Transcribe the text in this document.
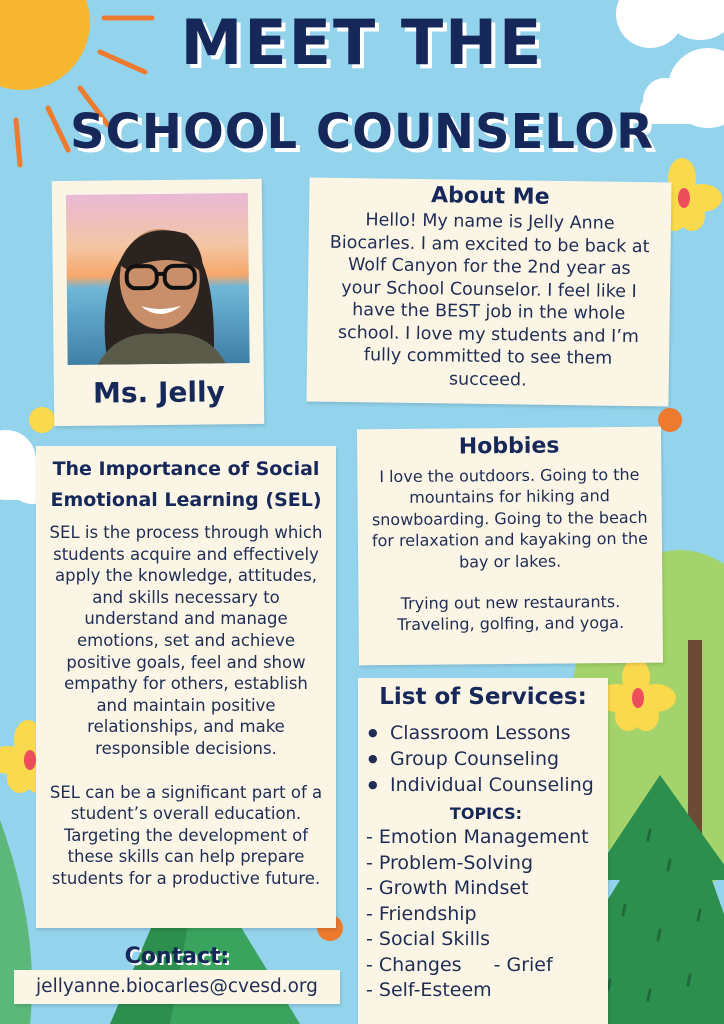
MEET THE
SCHOOL COUNSELOR
Ms. Jelly
About Me
Hello! My name is Jelly Anne Biocarles. I am excited to be back at Wolf Canyon for the 2nd year as your School Counselor. I feel like I have the BEST job in the whole school. I love my students and I’m fully committed to see them succeed.
The Importance of Social Emotional Learning (SEL)
SEL is the process through which students acquire and effectively apply the knowledge, attitudes, and skills necessary to understand and manage emotions, set and achieve positive goals, feel and show empathy for others, establish and maintain positive relationships, and make responsible decisions.
SEL can be a significant part of a student’s overall education. Targeting the development of these skills can help prepare students for a productive future.
Hobbies
I love the outdoors. Going to the mountains for hiking and snowboarding. Going to the beach for relaxation and kayaking on the bay or lakes.
Trying out new restaurants. Traveling, golfing, and yoga.
List of Services:
● Classroom Lessons
● Group Counseling
● Individual Counseling
TOPICS:
- Emotion Management
- Problem-Solving
- Growth Mindset
- Friendship
- Social Skills
- Changes - Grief
- Self-Esteem
Contact:
jellyanne.biocarles@cvesd.org
